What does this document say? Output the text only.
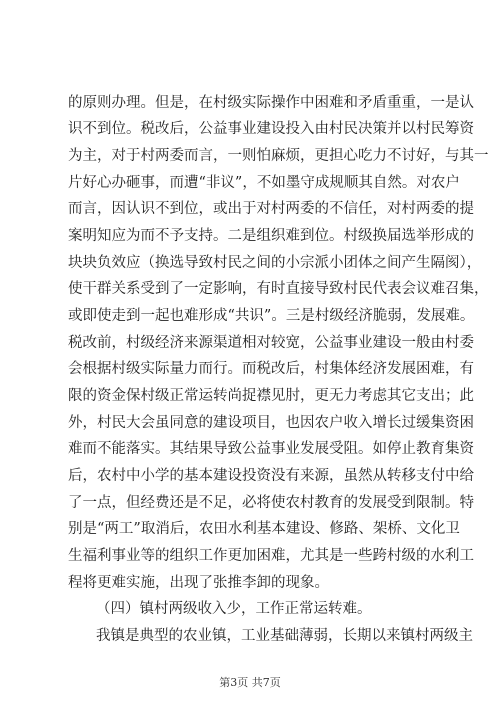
的原则办理。但是，在村级实际操作中困难和矛盾重重，一是认
识不到位。税改后，公益事业建设投入由村民决策并以村民筹资
为主，对于村两委而言，一则怕麻烦，更担心吃力不讨好，与其一
片好心办砸事，而遭“非议”，不如墨守成规顺其自然。对农户
而言，因认识不到位，或出于对村两委的不信任，对村两委的提
案明知应为而不予支持。二是组织难到位。村级换届选举形成的
块块负效应（换选导致村民之间的小宗派小团体之间产生隔阂），
使干群关系受到了一定影响，有时直接导致村民代表会议难召集，
或即使走到一起也难形成“共识”。三是村级经济脆弱，发展难。
税改前，村级经济来源渠道相对较宽，公益事业建设一般由村委
会根据村级实际量力而行。而税改后，村集体经济发展困难，有
限的资金保村级正常运转尚捉襟见肘，更无力考虑其它支出；此
外，村民大会虽同意的建设项目，也因农户收入增长过缓集资困
难而不能落实。其结果导致公益事业发展受阻。如停止教育集资
后，农村中小学的基本建设投资没有来源，虽然从转移支付中给
了一点，但经费还是不足，必将使农村教育的发展受到限制。特
别是“两工”取消后，农田水利基本建设、修路、架桥、文化卫
生福利事业等的组织工作更加困难，尤其是一些跨村级的水利工
程将更难实施，出现了张推李卸的现象。
（四）镇村两级收入少，工作正常运转难。
我镇是典型的农业镇，工业基础薄弱，长期以来镇村两级主
第3页 共7页
